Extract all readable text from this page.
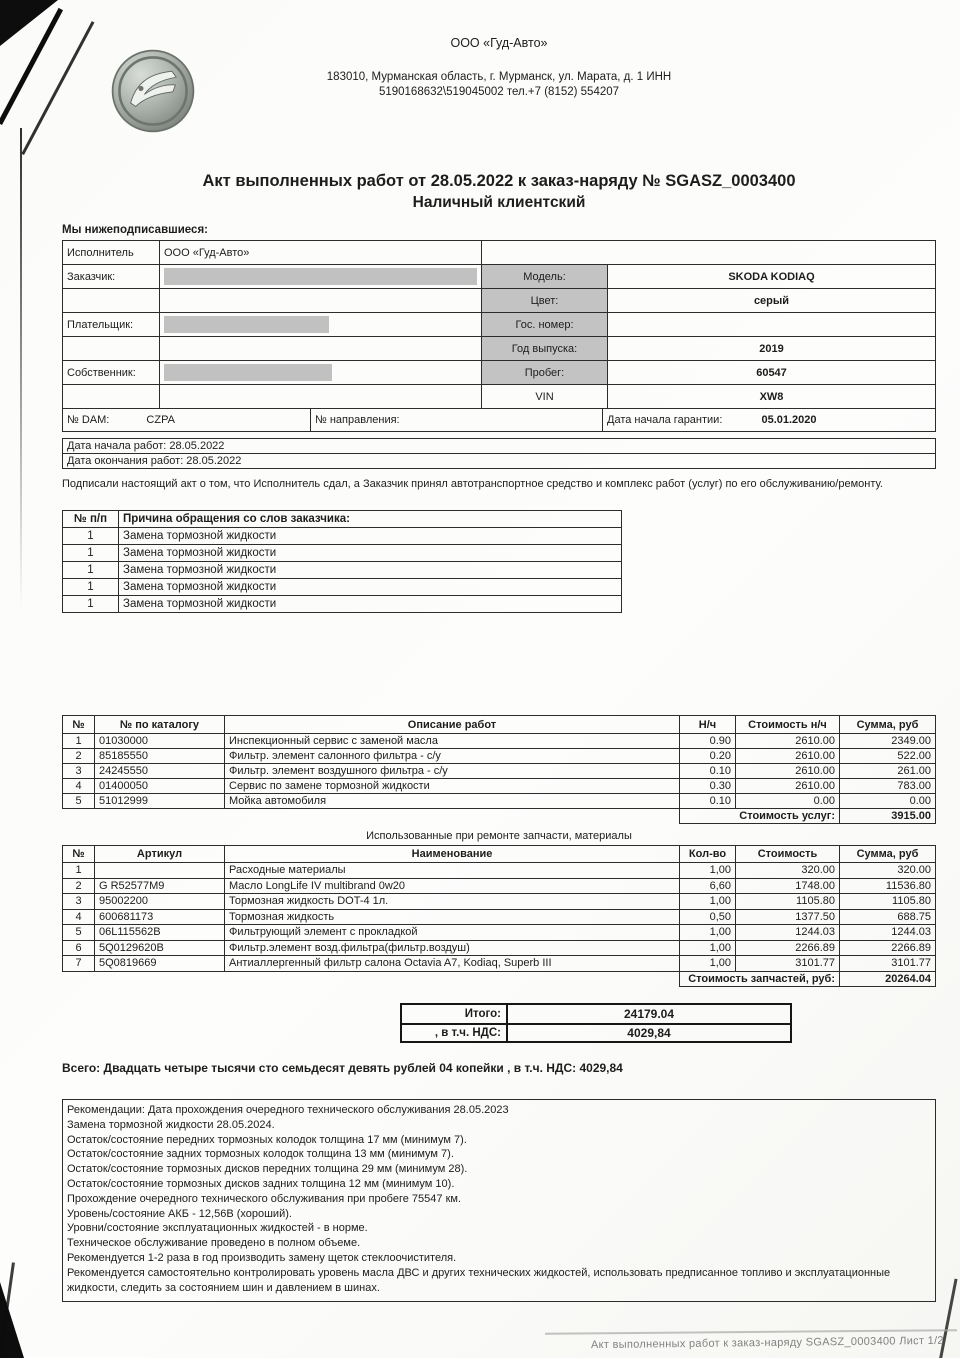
ООО «Гуд-Авто»
183010, Мурманская область, г. Мурманск, ул. Марата, д. 1 ИНН
5190168632\519045002 тел.+7 (8152) 554207
Акт выполненных работ от 28.05.2022 к заказ-наряду № SGASZ_0003400
Наличный клиентский
Мы нижеподписавшиеся:
Исполнитель	ООО «Гуд-Авто»		
Заказчик:		Модель:	SKODA KODIAQ
		Цвет:	серый
Плательщик:		Гос. номер:	
		Год выпуска:	2019
Собственник:		Пробег:	60547
		VIN	XW8
№ DAM:	CZPA	№ направления:	Дата начала гарантии:	05.01.2020
Дата начала работ: 28.05.2022
Дата окончания работ: 28.05.2022
Подписали настоящий акт о том, что Исполнитель сдал, а Заказчик принял автотранспортное средство и комплекс работ (услуг) по его обслуживанию/ремонту.
№ п/п	Причина обращения со слов заказчика:
1	Замена тормозной жидкости
1	Замена тормозной жидкости
1	Замена тормозной жидкости
1	Замена тормозной жидкости
1	Замена тормозной жидкости
№	№ по каталогу	Описание работ	Н/ч	Стоимость н/ч	Сумма, руб
1	01030000	Инспекционный сервис с заменой масла	0.90	2610.00	2349.00
2	85185550	Фильтр. элемент салонного фильтра - с/у	0.20	2610.00	522.00
3	24245550	Фильтр. элемент воздушного фильтра - с/у	0.10	2610.00	261.00
4	01400050	Сервис по замене тормозной жидкости	0.30	2610.00	783.00
5	51012999	Мойка автомобиля	0.10	0.00	0.00
			Стоимость услуг:		3915.00
Использованные при ремонте запчасти, материалы
№	Артикул	Наименование	Кол-во	Стоимость	Сумма, руб
1		Расходные материалы	1,00	320.00	320.00
2	G R52577M9	Масло LongLife IV multibrand 0w20	6,60	1748.00	11536.80
3	95002200	Тормозная жидкость DOT-4 1л.	1,00	1105.80	1105.80
4	600681173	Тормозная жидкость	0,50	1377.50	688.75
5	06L115562B	Фильтрующий элемент с прокладкой	1,00	1244.03	1244.03
6	5Q0129620B	Фильтр.элемент возд.фильтра(фильтр.воздуш)	1,00	2266.89	2266.89
7	5Q0819669	Антиаллергенный фильтр салона Octavia A7, Kodiaq, Superb III	1,00	3101.77	3101.77
			Стоимость запчастей, руб:		20264.04
Итого:	24179.04
, в т.ч. НДС:	4029,84
Всего: Двадцать четыре тысячи сто семьдесят девять рублей 04 копейки , в т.ч. НДС: 4029,84
Рекомендации: Дата прохождения очередного технического обслуживания 28.05.2023
Замена тормозной жидкости 28.05.2024.
Остаток/состояние передних тормозных колодок толщина 17 мм (минимум 7).
Остаток/состояние задних тормозных колодок толщина 13 мм (минимум 7).
Остаток/состояние тормозных дисков передних толщина 29 мм (минимум 28).
Остаток/состояние тормозных дисков задних толщина 12 мм (минимум 10).
Прохождение очередного технического обслуживания при пробеге 75547 км.
Уровень/состояние АКБ - 12,56В (хороший).
Уровни/состояние эксплуатационных жидкостей - в норме.
Техническое обслуживание проведено в полном объеме.
Рекомендуется 1-2 раза в год производить замену щеток стеклоочистителя.
Рекомендуется самостоятельно контролировать уровень масла ДВС и других технических жидкостей, использовать предписанное топливо и эксплуатационные жидкости, следить за состоянием шин и давлением в шинах.
Акт выполненных работ к заказ-наряду SGASZ_0003400 Лист 1/2
